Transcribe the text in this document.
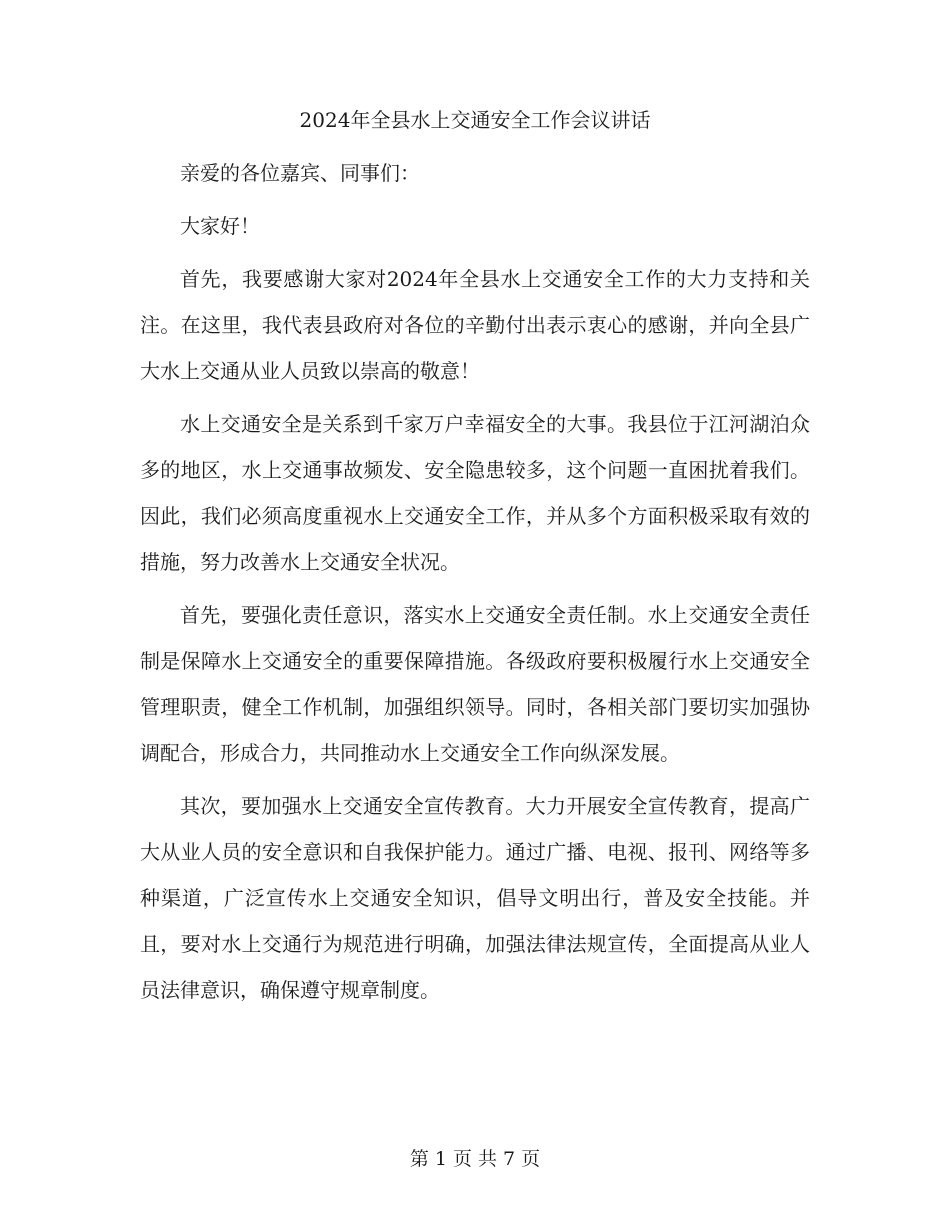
2024年全县水上交通安全工作会议讲话

亲爱的各位嘉宾、同事们：

大家好！

首先，我要感谢大家对2024年全县水上交通安全工作的大力支持和关注。在这里，我代表县政府对各位的辛勤付出表示衷心的感谢，并向全县广大水上交通从业人员致以崇高的敬意！

水上交通安全是关系到千家万户幸福安全的大事。我县位于江河湖泊众多的地区，水上交通事故频发、安全隐患较多，这个问题一直困扰着我们。因此，我们必须高度重视水上交通安全工作，并从多个方面积极采取有效的措施，努力改善水上交通安全状况。

首先，要强化责任意识，落实水上交通安全责任制。水上交通安全责任制是保障水上交通安全的重要保障措施。各级政府要积极履行水上交通安全管理职责，健全工作机制，加强组织领导。同时，各相关部门要切实加强协调配合，形成合力，共同推动水上交通安全工作向纵深发展。

其次，要加强水上交通安全宣传教育。大力开展安全宣传教育，提高广大从业人员的安全意识和自我保护能力。通过广播、电视、报刊、网络等多种渠道，广泛宣传水上交通安全知识，倡导文明出行，普及安全技能。并且，要对水上交通行为规范进行明确，加强法律法规宣传，全面提高从业人员法律意识，确保遵守规章制度。

第 1 页 共 7 页
